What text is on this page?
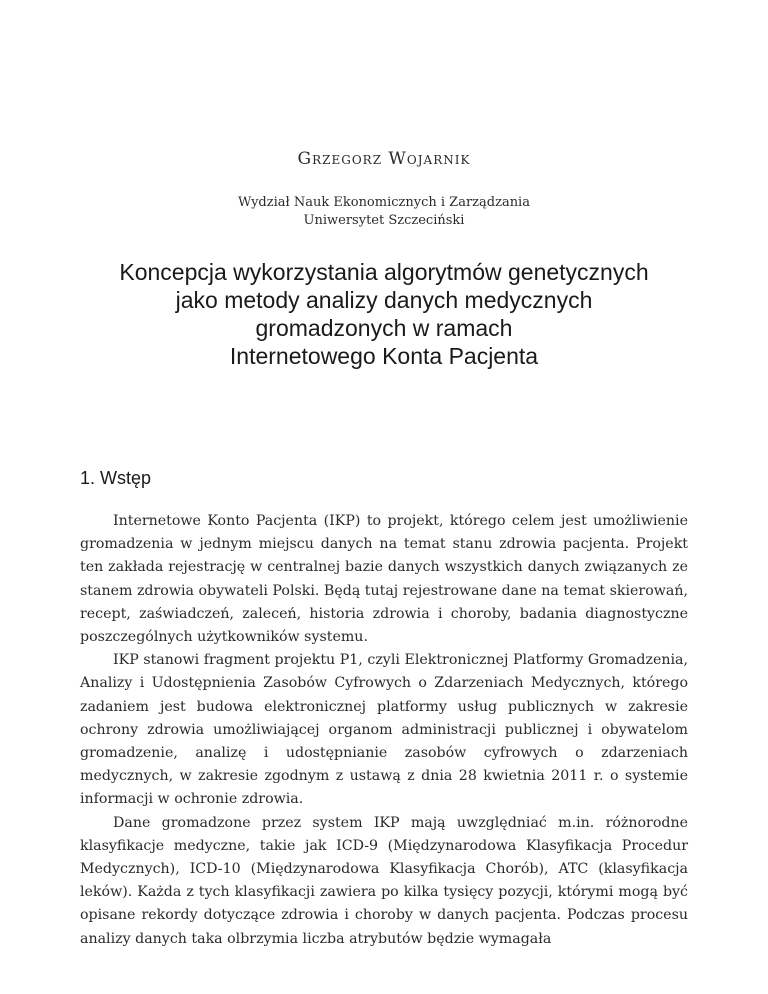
Grzegorz Wojarnik
Wydział Nauk Ekonomicznych i Zarządzania
Uniwersytet Szczeciński
Koncepcja wykorzystania algorytmów genetycznych
jako metody analizy danych medycznych
gromadzonych w ramach
Internetowego Konta Pacjenta
1. Wstęp

Internetowe Konto Pacjenta (IKP) to projekt, którego celem jest umożliwienie gromadzenia w jednym miejscu danych na temat stanu zdrowia pacjenta. Projekt ten zakłada rejestrację w centralnej bazie danych wszystkich danych związanych ze stanem zdrowia obywateli Polski. Będą tutaj rejestrowane dane na temat skierowań, recept, zaświadczeń, zaleceń, historia zdrowia i choroby, badania diagnostyczne poszczególnych użytkowników systemu.

IKP stanowi fragment projektu P1, czyli Elektronicznej Platformy Gromadzenia, Analizy i Udostępnienia Zasobów Cyfrowych o Zdarzeniach Medycznych, którego zadaniem jest budowa elektronicznej platformy usług publicznych w zakresie ochrony zdrowia umożliwiającej organom administracji publicznej i obywatelom gromadzenie, analizę i udostępnianie zasobów cyfrowych o zdarzeniach medycznych, w zakresie zgodnym z ustawą z dnia 28 kwietnia 2011 r. o systemie informacji w ochronie zdrowia.

Dane gromadzone przez system IKP mają uwzględniać m.in. różnorodne klasyfikacje medyczne, takie jak ICD-9 (Międzynarodowa Klasyfikacja Procedur Medycznych), ICD-10 (Międzynarodowa Klasyfikacja Chorób), ATC (klasyfikacja leków). Każda z tych klasyfikacji zawiera po kilka tysięcy pozycji, którymi mogą być opisane rekordy dotyczące zdrowia i choroby w danych pacjenta. Podczas procesu analizy danych taka olbrzymia liczba atrybutów będzie wymagała
